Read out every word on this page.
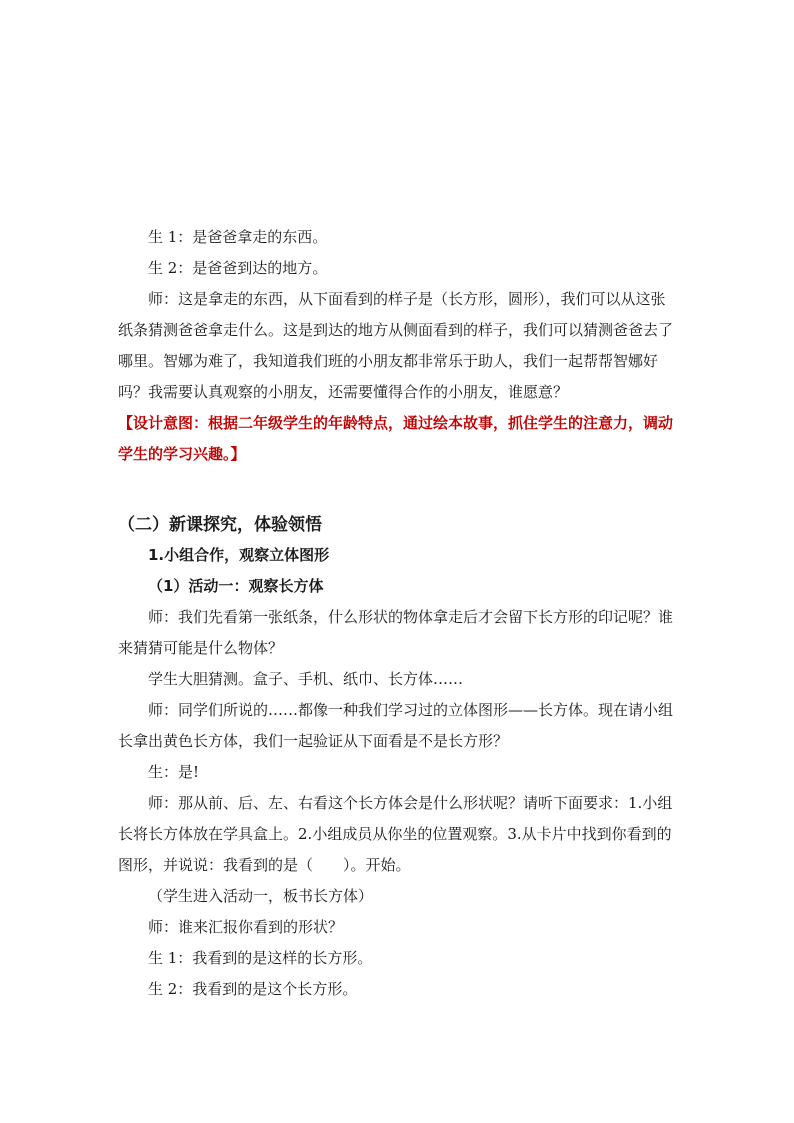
生 1：是爸爸拿走的东西。

生 2：是爸爸到达的地方。

师：这是拿走的东西，从下面看到的样子是（长方形，圆形），我们可以从这张纸条猜测爸爸拿走什么。这是到达的地方从侧面看到的样子，我们可以猜测爸爸去了哪里。智娜为难了，我知道我们班的小朋友都非常乐于助人，我们一起帮帮智娜好吗？我需要认真观察的小朋友，还需要懂得合作的小朋友，谁愿意？

【设计意图：根据二年级学生的年龄特点，通过绘本故事，抓住学生的注意力，调动学生的学习兴趣。】

（二）新课探究，体验领悟
1.小组合作，观察立体图形
（1）活动一：观察长方体

师：我们先看第一张纸条，什么形状的物体拿走后才会留下长方形的印记呢？谁来猜猜可能是什么物体？

学生大胆猜测。盒子、手机、纸巾、长方体……

师：同学们所说的……都像一种我们学习过的立体图形——长方体。现在请小组长拿出黄色长方体，我们一起验证从下面看是不是长方形？

生：是!

师：那从前、后、左、右看这个长方体会是什么形状呢？请听下面要求：1.小组长将长方体放在学具盒上。2.小组成员从你坐的位置观察。3.从卡片中找到你看到的图形，并说说：我看到的是（　　）。开始。

（学生进入活动一，板书长方体）

师：谁来汇报你看到的形状？

生 1：我看到的是这样的长方形。

生 2：我看到的是这个长方形。
